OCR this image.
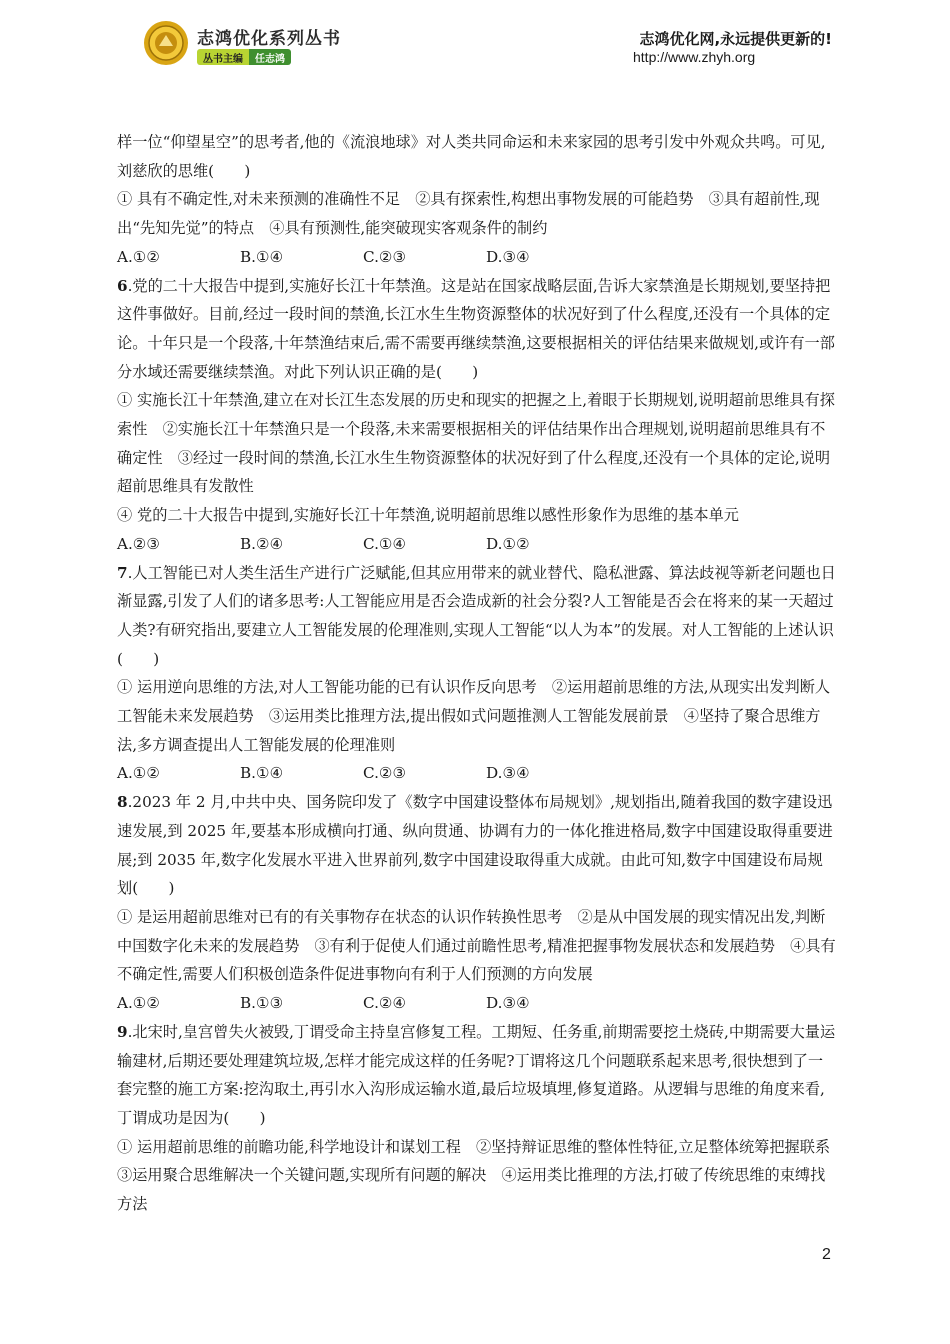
志鸿优化系列丛书
丛书主编	任志鸿
志鸿优化网,永远提供更新的!
http://www.zhyh.org

样一位“仰望星空”的思考者,他的《流浪地球》对人类共同命运和未来家园的思考引发中外观众共鸣。可见,刘慈欣的思维(　　)

① 具有不确定性,对未来预测的准确性不足　②具有探索性,构想出事物发展的可能趋势　③具有超前性,现出“先知先觉”的特点　④具有预测性,能突破现实客观条件的制约

A.①②	B.①④	C.②③	D.③④

6.党的二十大报告中提到,实施好长江十年禁渔。这是站在国家战略层面,告诉大家禁渔是长期规划,要坚持把这件事做好。目前,经过一段时间的禁渔,长江水生生物资源整体的状况好到了什么程度,还没有一个具体的定论。十年只是一个段落,十年禁渔结束后,需不需要再继续禁渔,这要根据相关的评估结果来做规划,或许有一部分水域还需要继续禁渔。对此下列认识正确的是(　　)

① 实施长江十年禁渔,建立在对长江生态发展的历史和现实的把握之上,着眼于长期规划,说明超前思维具有探索性　②实施长江十年禁渔只是一个段落,未来需要根据相关的评估结果作出合理规划,说明超前思维具有不确定性　③经过一段时间的禁渔,长江水生生物资源整体的状况好到了什么程度,还没有一个具体的定论,说明超前思维具有发散性

④ 党的二十大报告中提到,实施好长江十年禁渔,说明超前思维以感性形象作为思维的基本单元

A.②③	B.②④	C.①④	D.①②

7.人工智能已对人类生活生产进行广泛赋能,但其应用带来的就业替代、隐私泄露、算法歧视等新老问题也日渐显露,引发了人们的诸多思考:人工智能应用是否会造成新的社会分裂?人工智能是否会在将来的某一天超过人类?有研究指出,要建立人工智能发展的伦理准则,实现人工智能“以人为本”的发展。对人工智能的上述认识(　　)

① 运用逆向思维的方法,对人工智能功能的已有认识作反向思考　②运用超前思维的方法,从现实出发判断人工智能未来发展趋势　③运用类比推理方法,提出假如式问题推测人工智能发展前景　④坚持了聚合思维方法,多方调查提出人工智能发展的伦理准则

A.①②	B.①④	C.②③	D.③④

8.2023 年 2 月,中共中央、国务院印发了《数字中国建设整体布局规划》,规划指出,随着我国的数字建设迅速发展,到 2025 年,要基本形成横向打通、纵向贯通、协调有力的一体化推进格局,数字中国建设取得重要进展;到 2035 年,数字化发展水平进入世界前列,数字中国建设取得重大成就。由此可知,数字中国建设布局规划(　　)

① 是运用超前思维对已有的有关事物存在状态的认识作转换性思考　②是从中国发展的现实情况出发,判断中国数字化未来的发展趋势　③有利于促使人们通过前瞻性思考,精准把握事物发展状态和发展趋势　④具有不确定性,需要人们积极创造条件促进事物向有利于人们预测的方向发展

A.①②	B.①③	C.②④	D.③④

9.北宋时,皇宫曾失火被毁,丁谓受命主持皇宫修复工程。工期短、任务重,前期需要挖土烧砖,中期需要大量运输建材,后期还要处理建筑垃圾,怎样才能完成这样的任务呢?丁谓将这几个问题联系起来思考,很快想到了一套完整的施工方案:挖沟取土,再引水入沟形成运输水道,最后垃圾填埋,修复道路。从逻辑与思维的角度来看,丁谓成功是因为(　　)

① 运用超前思维的前瞻功能,科学地设计和谋划工程　②坚持辩证思维的整体性特征,立足整体统筹把握联系　③运用聚合思维解决一个关键问题,实现所有问题的解决　④运用类比推理的方法,打破了传统思维的束缚找方法

2
